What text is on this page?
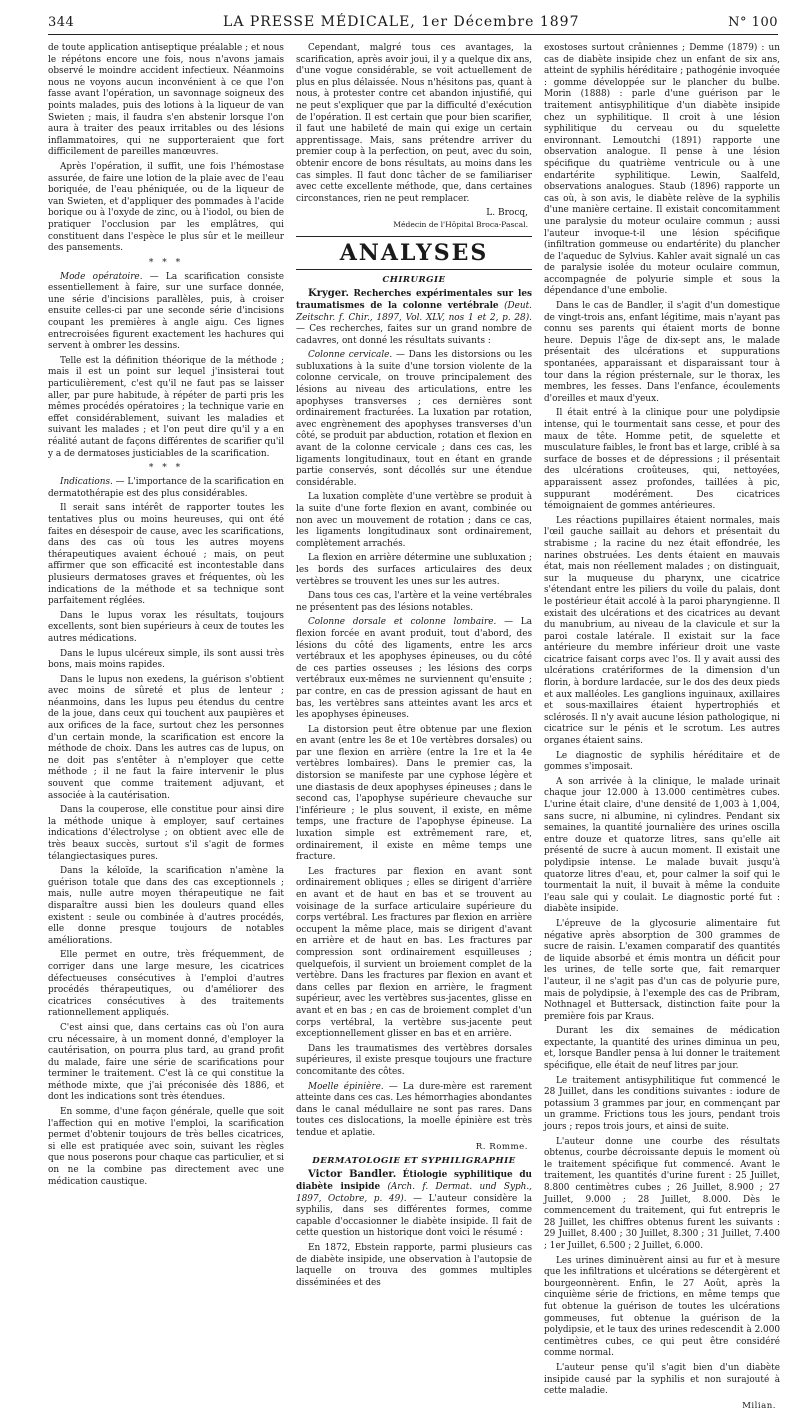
344	LA PRESSE MÉDICALE, 1er Décembre 1897	N° 100

de toute application antiseptique préalable ; et nous le répétons encore une fois, nous n'avons jamais observé le moindre accident infectieux. Néanmoins nous ne voyons aucun inconvénient à ce que l'on fasse avant l'opération, un savonnage soigneux des points malades, puis des lotions à la liqueur de van Swieten ; mais, il faudra s'en abstenir lorsque l'on aura à traiter des peaux irritables ou des lésions inflammatoires, qui ne supporteraient que fort difficilement de pareilles manœuvres.

Après l'opération, il suffit, une fois l'hémostase assurée, de faire une lotion de la plaie avec de l'eau boriquée, de l'eau phéniquée, ou de la liqueur de van Swieten, et d'appliquer des pommades à l'acide borique ou à l'oxyde de zinc, ou à l'iodol, ou bien de pratiquer l'occlusion par les emplâtres, qui constituent dans l'espèce le plus sûr et le meilleur des pansements.

* * *

Mode opératoire. — La scarification consiste essentiellement à faire, sur une surface donnée, une série d'incisions parallèles, puis, à croiser ensuite celles-ci par une seconde série d'incisions coupant les premières à angle aigu. Ces lignes entrecroisées figurent exactement les hachures qui servent à ombrer les dessins.

Telle est la définition théorique de la méthode ; mais il est un point sur lequel j'insisterai tout particulièrement, c'est qu'il ne faut pas se laisser aller, par pure habitude, à répéter de parti pris les mêmes procédés opératoires ; la technique varie en effet considérablement, suivant les maladies et suivant les malades ; et l'on peut dire qu'il y a en réalité autant de façons différentes de scarifier qu'il y a de dermatoses justiciables de la scarification.

* * *

Indications. — L'importance de la scarification en dermatothérapie est des plus considérables.

Il serait sans intérêt de rapporter toutes les tentatives plus ou moins heureuses, qui ont été faites en désespoir de cause, avec les scarifications, dans des cas où tous les autres moyens thérapeutiques avaient échoué ; mais, on peut affirmer que son efficacité est incontestable dans plusieurs dermatoses graves et fréquentes, où les indications de la méthode et sa technique sont parfaitement réglées.

Dans le lupus vorax les résultats, toujours excellents, sont bien supérieurs à ceux de toutes les autres médications.

Dans le lupus ulcéreux simple, ils sont aussi très bons, mais moins rapides.

Dans le lupus non exedens, la guérison s'obtient avec moins de sûreté et plus de lenteur ; néanmoins, dans les lupus peu étendus du centre de la joue, dans ceux qui touchent aux paupières et aux orifices de la face, surtout chez les personnes d'un certain monde, la scarification est encore la méthode de choix. Dans les autres cas de lupus, on ne doit pas s'entêter à n'employer que cette méthode ; il ne faut la faire intervenir le plus souvent que comme traitement adjuvant, et associée à la cautérisation.

Dans la couperose, elle constitue pour ainsi dire la méthode unique à employer, sauf certaines indications d'électrolyse ; on obtient avec elle de très beaux succès, surtout s'il s'agit de formes télangiectasiques pures.

Dans la kéloïde, la scarification n'amène la guérison totale que dans des cas exceptionnels ; mais, nulle autre moyen thérapeutique ne fait disparaître aussi bien les douleurs quand elles existent : seule ou combinée à d'autres procédés, elle donne presque toujours de notables améliorations.

Elle permet en outre, très fréquemment, de corriger dans une large mesure, les cicatrices défectueuses consécutives à l'emploi d'autres procédés thérapeutiques, ou d'améliorer des cicatrices consécutives à des traitements rationnellement appliqués.

C'est ainsi que, dans certains cas où l'on aura cru nécessaire, à un moment donné, d'employer la cautérisation, on pourra plus tard, au grand profit du malade, faire une série de scarifications pour terminer le traitement. C'est là ce qui constitue la méthode mixte, que j'ai préconisée dès 1886, et dont les indications sont très étendues.

En somme, d'une façon générale, quelle que soit l'affection qui en motive l'emploi, la scarification permet d'obtenir toujours de très belles cicatrices, si elle est pratiquée avec soin, suivant les règles que nous poserons pour chaque cas particulier, et si on ne la combine pas directement avec une médication caustique.

Cependant, malgré tous ces avantages, la scarification, après avoir joui, il y a quelque dix ans, d'une vogue considérable, se voit actuellement de plus en plus délaissée. Nous n'hésitons pas, quant à nous, à protester contre cet abandon injustifié, qui ne peut s'expliquer que par la difficulté d'exécution de l'opération. Il est certain que pour bien scarifier, il faut une habileté de main qui exige un certain apprentissage. Mais, sans prétendre arriver du premier coup à la perfection, on peut, avec du soin, obtenir encore de bons résultats, au moins dans les cas simples. Il faut donc tâcher de se familiariser avec cette excellente méthode, que, dans certaines circonstances, rien ne peut remplacer.

L. Brocq,
Médecin de l'Hôpital Broca-Pascal.
ANALYSES
CHIRURGIE

Kryger. Recherches expérimentales sur les traumatismes de la colonne vertébrale (Deut. Zeitschr. f. Chir., 1897, Vol. XLV, nos 1 et 2, p. 28). — Ces recherches, faites sur un grand nombre de cadavres, ont donné les résultats suivants :

Colonne cervicale. — Dans les distorsions ou les subluxations à la suite d'une torsion violente de la colonne cervicale, on trouve principalement des lésions au niveau des articulations, entre les apophyses transverses ; ces dernières sont ordinairement fracturées. La luxation par rotation, avec engrènement des apophyses transverses d'un côté, se produit par abduction, rotation et flexion en avant de la colonne cervicale ; dans ces cas, les ligaments longitudinaux, tout en étant en grande partie conservés, sont décollés sur une étendue considérable.

La luxation complète d'une vertèbre se produit à la suite d'une forte flexion en avant, combinée ou non avec un mouvement de rotation ; dans ce cas, les ligaments longitudinaux sont ordinairement, complètement arrachés.

La flexion en arrière détermine une subluxation ; les bords des surfaces articulaires des deux vertèbres se trouvent les unes sur les autres.

Dans tous ces cas, l'artère et la veine vertébrales ne présentent pas des lésions notables.

Colonne dorsale et colonne lombaire. — La flexion forcée en avant produit, tout d'abord, des lésions du côté des ligaments, entre les arcs vertébraux et les apophyses épineuses, ou du côté de ces parties osseuses ; les lésions des corps vertébraux eux-mêmes ne surviennent qu'ensuite ; par contre, en cas de pression agissant de haut en bas, les vertèbres sans atteintes avant les arcs et les apophyses épineuses.

La distorsion peut être obtenue par une flexion en avant (entre les 8e et 10e vertèbres dorsales) ou par une flexion en arrière (entre la 1re et la 4e vertèbres lombaires). Dans le premier cas, la distorsion se manifeste par une cyphose légère et une diastasis de deux apophyses épineuses ; dans le second cas, l'apophyse supérieure chevauche sur l'inférieure ; le plus souvent, il existe, en même temps, une fracture de l'apophyse épineuse. La luxation simple est extrêmement rare, et, ordinairement, il existe en même temps une fracture.

Les fractures par flexion en avant sont ordinairement obliques ; elles se dirigent d'arrière en avant et de haut en bas et se trouvent au voisinage de la surface articulaire supérieure du corps vertébral. Les fractures par flexion en arrière occupent la même place, mais se dirigent d'avant en arrière et de haut en bas. Les fractures par compression sont ordinairement esquilleuses ; quelquefois, il survient un broiement complet de la vertèbre. Dans les fractures par flexion en avant et dans celles par flexion en arrière, le fragment supérieur, avec les vertèbres sus-jacentes, glisse en avant et en bas ; en cas de broiement complet d'un corps vertébral, la vertèbre sus-jacente peut exceptionnellement glisser en bas et en arrière.

Dans les traumatismes des vertèbres dorsales supérieures, il existe presque toujours une fracture concomitante des côtes.

Moelle épinière. — La dure-mère est rarement atteinte dans ces cas. Les hémorrhagies abondantes dans le canal médullaire ne sont pas rares. Dans toutes ces dislocations, la moelle épinière est très tendue et aplatie.

R. Romme.
DERMATOLOGIE ET SYPHILIGRAPHIE

Victor Bandler. Étiologie syphilitique du diabète insipide (Arch. f. Dermat. und Syph., 1897, Octobre, p. 49). — L'auteur considère la syphilis, dans ses différentes formes, comme capable d'occasionner le diabète insipide. Il fait de cette question un historique dont voici le résumé :

En 1872, Ebstein rapporte, parmi plusieurs cas de diabète insipide, une observation à l'autopsie de laquelle on trouva des gommes multiples disséminées et des

exostoses surtout crâniennes ; Demme (1879) : un cas de diabète insipide chez un enfant de six ans, atteint de syphilis héréditaire ; pathogénie invoquée : gomme développée sur le plancher du bulbe. Morin (1888) : parle d'une guérison par le traitement antisyphilitique d'un diabète insipide chez un syphilitique. Il croit à une lésion syphilitique du cerveau ou du squelette environnant. Lemoutchi (1891) rapporte une observation analogue. Il pense à une lésion spécifique du quatrième ventricule ou à une endartérite syphilitique. Lewin, Saalfeld, observations analogues. Staub (1896) rapporte un cas où, à son avis, le diabète relève de la syphilis d'une manière certaine. Il existait concomitamment une paralysie du moteur oculaire commun ; aussi l'auteur invoque-t-il une lésion spécifique (infiltration gommeuse ou endartérite) du plancher de l'aqueduc de Sylvius. Kahler avait signalé un cas de paralysie isolée du moteur oculaire commun, accompagnée de polyurie simple et sous la dépendance d'une embolie.

Dans le cas de Bandler, il s'agit d'un domestique de vingt-trois ans, enfant légitime, mais n'ayant pas connu ses parents qui étaient morts de bonne heure. Depuis l'âge de dix-sept ans, le malade présentait des ulcérations et suppurations spontanées, apparaissant et disparaissant tour à tour dans la région présternale, sur le thorax, les membres, les fesses. Dans l'enfance, écoulements d'oreilles et maux d'yeux.

Il était entré à la clinique pour une polydipsie intense, qui le tourmentait sans cesse, et pour des maux de tête. Homme petit, de squelette et musculature faibles, le front bas et large, criblé à sa surface de bosses et de dépressions ; il présentait des ulcérations croûteuses, qui, nettoyées, apparaissent assez profondes, taillées à pic, suppurant modérément. Des cicatrices témoignaient de gommes antérieures.

Les réactions pupillaires étaient normales, mais l'œil gauche saillait au dehors et présentait du strabisme ; la racine du nez était effondrée, les narines obstruées. Les dents étaient en mauvais état, mais non réellement malades ; on distinguait, sur la muqueuse du pharynx, une cicatrice s'étendant entre les piliers du voile du palais, dont le postérieur était accolé à la paroi pharyngienne. Il existait des ulcérations et des cicatrices au devant du manubrium, au niveau de la clavicule et sur la paroi costale latérale. Il existait sur la face antérieure du membre inférieur droit une vaste cicatrice faisant corps avec l'os. Il y avait aussi des ulcérations cratériformes de la dimension d'un florin, à bordure lardacée, sur le dos des deux pieds et aux malléoles. Les ganglions inguinaux, axillaires et sous-maxillaires étaient hypertrophiés et sclérosés. Il n'y avait aucune lésion pathologique, ni cicatrice sur le pénis et le scrotum. Les autres organes étaient sains.

Le diagnostic de syphilis héréditaire et de gommes s'imposait.

A son arrivée à la clinique, le malade urinait chaque jour 12.000 à 13.000 centimètres cubes. L'urine était claire, d'une densité de 1,003 à 1,004, sans sucre, ni albumine, ni cylindres. Pendant six semaines, la quantité journalière des urines oscilla entre douze et quatorze litres, sans qu'elle ait présenté de sucre à aucun moment. Il existait une polydipsie intense. Le malade buvait jusqu'à quatorze litres d'eau, et, pour calmer la soif qui le tourmentait la nuit, il buvait à même la conduite l'eau sale qui y coulait. Le diagnostic porté fut : diabète insipide.

L'épreuve de la glycosurie alimentaire fut négative après absorption de 300 grammes de sucre de raisin. L'examen comparatif des quantités de liquide absorbé et émis montra un déficit pour les urines, de telle sorte que, fait remarquer l'auteur, il ne s'agit pas d'un cas de polyurie pure, mais de polydipsie, à l'exemple des cas de Pribram, Nothnagel et Buttersack, distinction faite pour la première fois par Kraus.

Durant les dix semaines de médication expectante, la quantité des urines diminua un peu, et, lorsque Bandler pensa à lui donner le traitement spécifique, elle était de neuf litres par jour.

Le traitement antisyphilitique fut commencé le 28 Juillet, dans les conditions suivantes : iodure de potassium 3 grammes par jour, en commençant par un gramme. Frictions tous les jours, pendant trois jours ; repos trois jours, et ainsi de suite.

L'auteur donne une courbe des résultats obtenus, courbe décroissante depuis le moment où le traitement spécifique fut commencé. Avant le traitement, les quantités d'urine furent : 25 Juillet, 8.800 centimètres cubes ; 26 Juillet, 8.900 ; 27 Juillet, 9.000 ; 28 Juillet, 8.000. Dès le commencement du traitement, qui fut entrepris le 28 Juillet, les chiffres obtenus furent les suivants : 29 Juillet, 8.400 ; 30 Juillet, 8.300 ; 31 Juillet, 7.400 ; 1er Juillet, 6.500 ; 2 Juillet, 6.000.

Les urines diminuèrent ainsi au fur et à mesure que les infiltrations et ulcérations se détergèrent et bourgeonnèrent. Enfin, le 27 Août, après la cinquième série de frictions, en même temps que fut obtenue la guérison de toutes les ulcérations gommeuses, fut obtenue la guérison de la polydipsie, et le taux des urines redescendit à 2.000 centimètres cubes, ce qui peut être considéré comme normal.

L'auteur pense qu'il s'agit bien d'un diabète insipide causé par la syphilis et non surajouté à cette maladie.

Milian.
